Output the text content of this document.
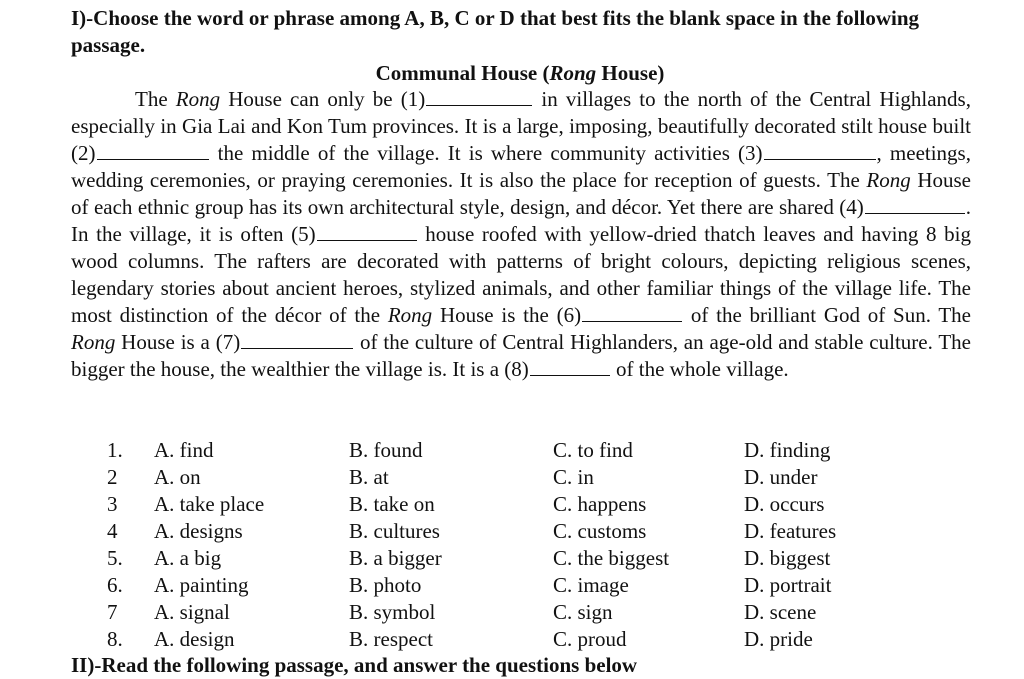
I)-Choose the word or phrase among A, B, C or D that best fits the blank space in the following passage.
Communal House (Rong House)
The Rong House can only be (1)	in villages to the north of the Central Highlands, especially in Gia Lai and Kon Tum provinces. It is a large, imposing, beautifully decorated stilt house built (2)	the middle of the village. It is where community activities (3)	, meetings, wedding ceremonies, or praying ceremonies. It is also the place for reception of guests. The Rong House of each ethnic group has its own architectural style, design, and décor. Yet there are shared (4)	. In the village, it is often (5)	house roofed with yellow-dried thatch leaves and having 8 big wood columns. The rafters are decorated with patterns of bright colours, depicting religious scenes, legendary stories about ancient heroes, stylized animals, and other familiar things of the village life. The most distinction of the décor of the Rong House is the (6)	of the brilliant God of Sun. The Rong House is a (7)	of the culture of Central Highlanders, an age-old and stable culture. The bigger the house, the wealthier the village is. It is a (8)	of the whole village.
1. A. find	B. found	C. to find	D. finding
2 A. on	B. at	C. in	D. under
3 A. take place	B. take on	C. happens	D. occurs
4 A. designs	B. cultures	C. customs	D. features
5. A. a big	B. a bigger	C. the biggest	D. biggest
6. A. painting	B. photo	C. image	D. portrait
7 A. signal	B. symbol	C. sign	D. scene
8. A. design	B. respect	C. proud	D. pride
II)-Read the following passage, and answer the questions below
